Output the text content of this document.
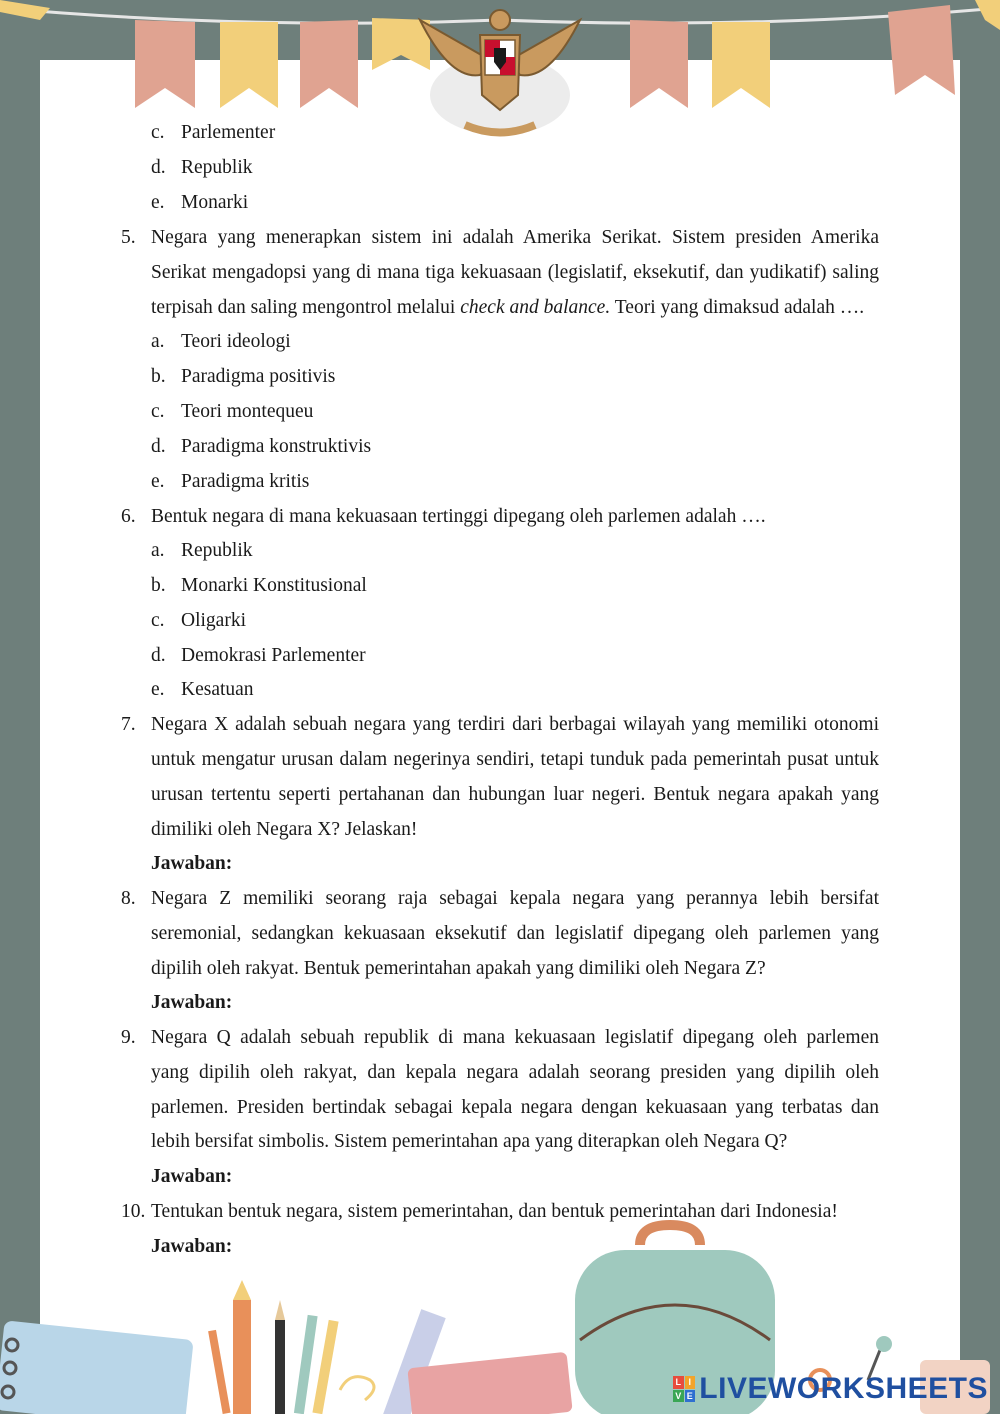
c. Parlementer
d. Republik
e. Monarki
5. Negara yang menerapkan sistem ini adalah Amerika Serikat. Sistem presiden Amerika
Serikat mengadopsi yang di mana tiga kekuasaan (legislatif, eksekutif, dan yudikatif) saling
terpisah dan saling mengontrol melalui check and balance. Teori yang dimaksud adalah ….
a. Teori ideologi
b. Paradigma positivis
c. Teori montequeu
d. Paradigma konstruktivis
e. Paradigma kritis
6. Bentuk negara di mana kekuasaan tertinggi dipegang oleh parlemen adalah ….
a. Republik
b. Monarki Konstitusional
c. Oligarki
d. Demokrasi Parlementer
e. Kesatuan
7. Negara X adalah sebuah negara yang terdiri dari berbagai wilayah yang memiliki otonomi
untuk mengatur urusan dalam negerinya sendiri, tetapi tunduk pada pemerintah pusat untuk
urusan tertentu seperti pertahanan dan hubungan luar negeri. Bentuk negara apakah yang
dimiliki oleh Negara X? Jelaskan!
Jawaban:
8. Negara Z memiliki seorang raja sebagai kepala negara yang perannya lebih bersifat
seremonial, sedangkan kekuasaan eksekutif dan legislatif dipegang oleh parlemen yang
dipilih oleh rakyat. Bentuk pemerintahan apakah yang dimiliki oleh Negara Z?
Jawaban:
9. Negara Q adalah sebuah republik di mana kekuasaan legislatif dipegang oleh parlemen
yang dipilih oleh rakyat, dan kepala negara adalah seorang presiden yang dipilih oleh
parlemen. Presiden bertindak sebagai kepala negara dengan kekuasaan yang terbatas dan
lebih bersifat simbolis. Sistem pemerintahan apa yang diterapkan oleh Negara Q?
Jawaban:
10. Tentukan bentuk negara, sistem pemerintahan, dan bentuk pemerintahan dari Indonesia!
Jawaban:
L I
V E LIVEWORKSHEETS
